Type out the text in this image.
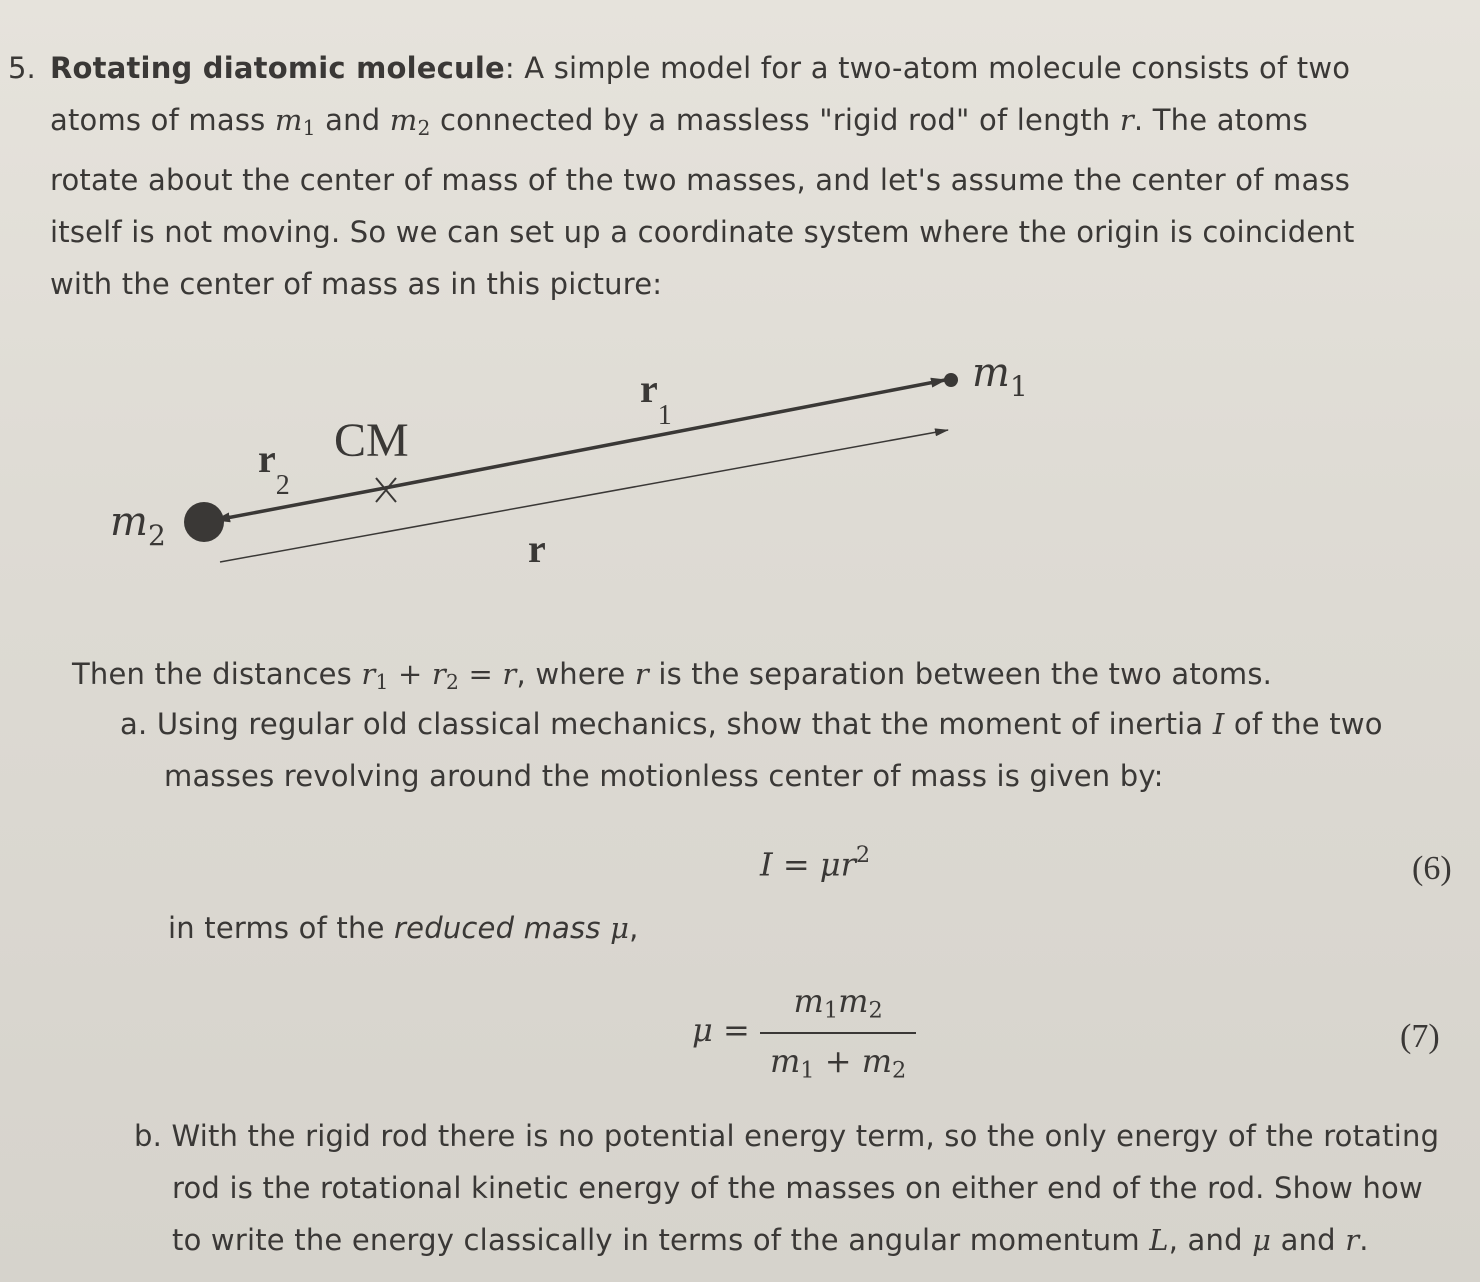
5. Rotating diatomic molecule: A simple model for a two-atom molecule consists of two
atoms of mass $m_1$ and $m_2$ connected by a massless "rigid rod" of length r. The atoms
rotate about the center of mass of the two masses, and let's assume the center of mass
itself is not moving. So we can set up a coordinate system where the origin is coincident
with the center of mass as in this picture:
$m_1$
$m_2$
$r_1$
$r_2$
CM
r
Then the distances $r_1 + r_2 = r$, where r is the separation between the two atoms.
a. Using regular old classical mechanics, show that the moment of inertia I of the two
masses revolving around the motionless center of mass is given by:
$I = \mu r^2$	(6)
in terms of the reduced mass μ,
$\mu = \frac{m_1m_2}{m_1 + m_2}$	(7)
b. With the rigid rod there is no potential energy term, so the only energy of the rotating
rod is the rotational kinetic energy of the masses on either end of the rod. Show how
to write the energy classically in terms of the angular momentum L, and μ and r.
